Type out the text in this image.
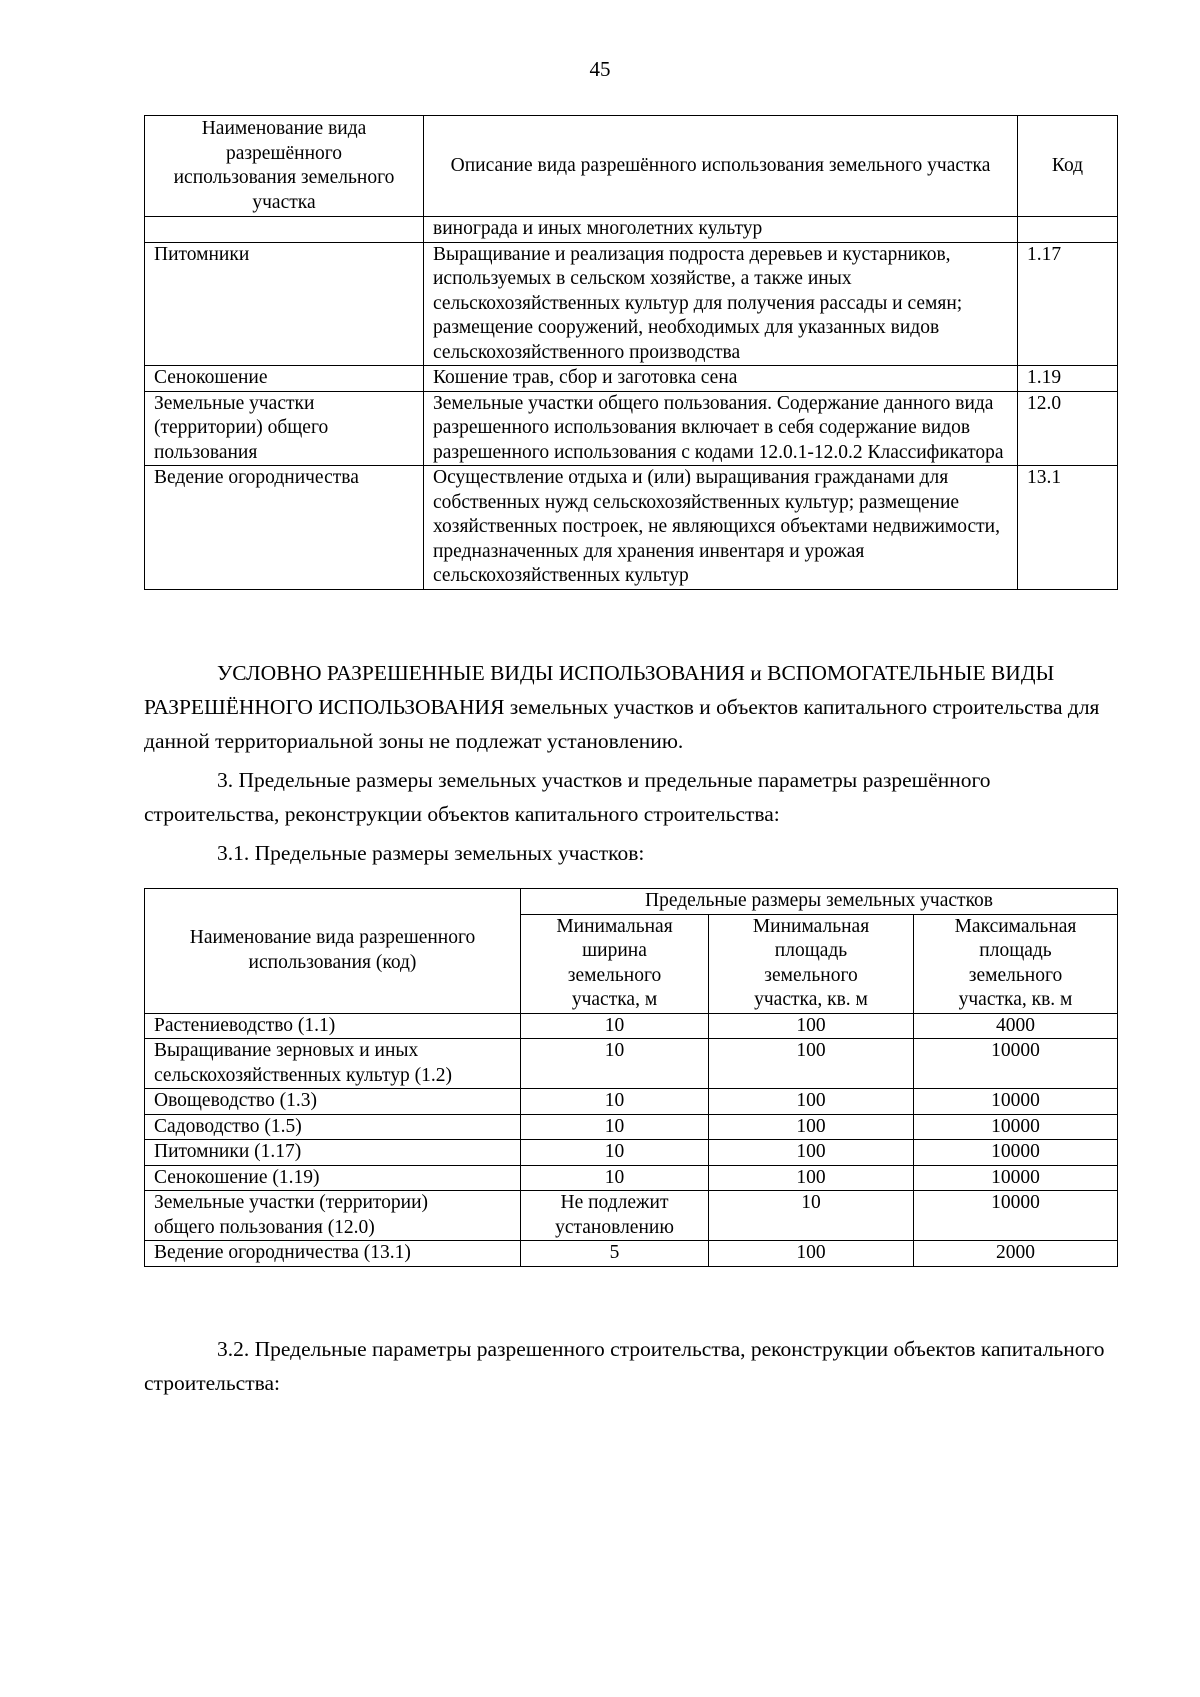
45
Наименование вида разрешённого использования земельного участка	Описание вида разрешённого использования земельного участка	Код
	винограда и иных многолетних культур	
Питомники	Выращивание и реализация подроста деревьев и кустарников, используемых в сельском хозяйстве, а также иных сельскохозяйственных культур для получения рассады и семян; размещение сооружений, необходимых для указанных видов сельскохозяйственного производства	1.17
Сенокошение	Кошение трав, сбор и заготовка сена	1.19
Земельные участки (территории) общего пользования	Земельные участки общего пользования. Содержание данного вида разрешенного использования включает в себя содержание видов разрешенного использования с кодами 12.0.1-12.0.2 Классификатора	12.0
Ведение огородничества	Осуществление отдыха и (или) выращивания гражданами для собственных нужд сельскохозяйственных культур; размещение хозяйственных построек, не являющихся объектами недвижимости, предназначенных для хранения инвентаря и урожая сельскохозяйственных культур	13.1
УСЛОВНО РАЗРЕШЕННЫЕ ВИДЫ ИСПОЛЬЗОВАНИЯ и ВСПОМОГАТЕЛЬНЫЕ ВИДЫ РАЗРЕШЁННОГО ИСПОЛЬЗОВАНИЯ земельных участков и объектов капитального строительства для данной территориальной зоны не подлежат установлению.
3. Предельные размеры земельных участков и предельные параметры разрешённого строительства, реконструкции объектов капитального строительства:
3.1. Предельные размеры земельных участков:
Наименование вида разрешенного использования (код)	Предельные размеры земельных участков		
	Минимальная ширина земельного участка, м	Минимальная площадь земельного участка, кв. м	Максимальная площадь земельного участка, кв. м
Растениеводство (1.1)	10	100	4000
Выращивание зерновых и иных сельскохозяйственных культур (1.2)	10	100	10000
Овощеводство (1.3)	10	100	10000
Садоводство (1.5)	10	100	10000
Питомники (1.17)	10	100	10000
Сенокошение (1.19)	10	100	10000
Земельные участки (территории) общего пользования (12.0)	Не подлежит установлению	10	10000
Ведение огородничества (13.1)	5	100	2000
3.2. Предельные параметры разрешенного строительства, реконструкции объектов капитального строительства:
